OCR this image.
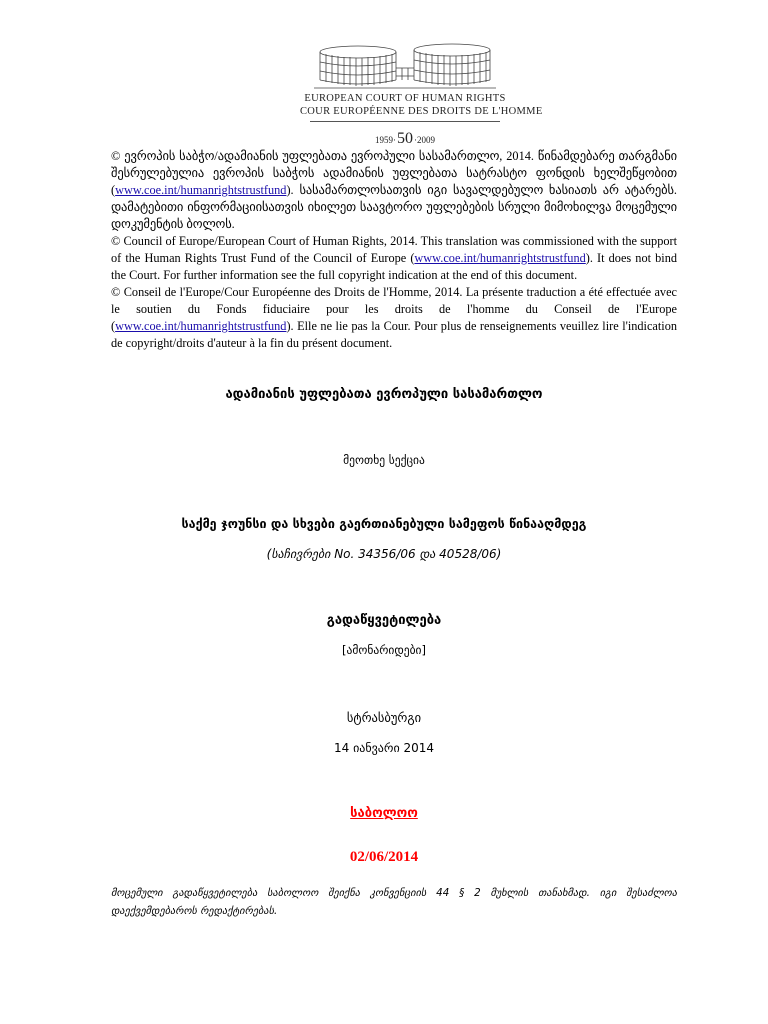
EUROPEAN COURT OF HUMAN RIGHTS
COUR EUROPÉENNE DES DROITS DE L'HOMME
1959·50·2009

© ევროპის საბჭო/ადამიანის უფლებათა ევროპული სასამართლო, 2014. წინამდებარე თარგმანი შესრულებულია ევროპის საბჭოს ადამიანის უფლებათა სატრასტო ფონდის ხელშეწყობით (www.coe.int/humanrightstrustfund). სასამართლოსათვის იგი სავალდებულო ხასიათს არ ატარებს. დამატებითი ინფორმაციისათვის იხილეთ საავტორო უფლებების სრული მიმოხილვა მოცემული დოკუმენტის ბოლოს.

© Council of Europe/European Court of Human Rights, 2014. This translation was commissioned with the support of the Human Rights Trust Fund of the Council of Europe (www.coe.int/humanrightstrustfund). It does not bind the Court. For further information see the full copyright indication at the end of this document.

© Conseil de l'Europe/Cour Européenne des Droits de l'Homme, 2014. La présente traduction a été effectuée avec le soutien du Fonds fiduciaire pour les droits de l'homme du Conseil de l'Europe (www.coe.int/humanrightstrustfund). Elle ne lie pas la Cour. Pour plus de renseignements veuillez lire l'indication de copyright/droits d'auteur à la fin du présent document.

ადამიანის უფლებათა ევროპული სასამართლო
მეოთხე სექცია
საქმე ჯოუნსი და სხვები გაერთიანებული სამეფოს წინააღმდეგ
(საჩივრები No. 34356/06 და 40528/06)
გადაწყვეტილება
[ამონარიდები]
სტრასბურგი
14 იანვარი 2014
საბოლოო
02/06/2014
მოცემული გადაწყვეტილება საბოლოო შეიქნა კონვენციის 44 § 2 მუხლის თანახმად. იგი შესაძლოა დაექვემდებაროს რედაქტირებას.
